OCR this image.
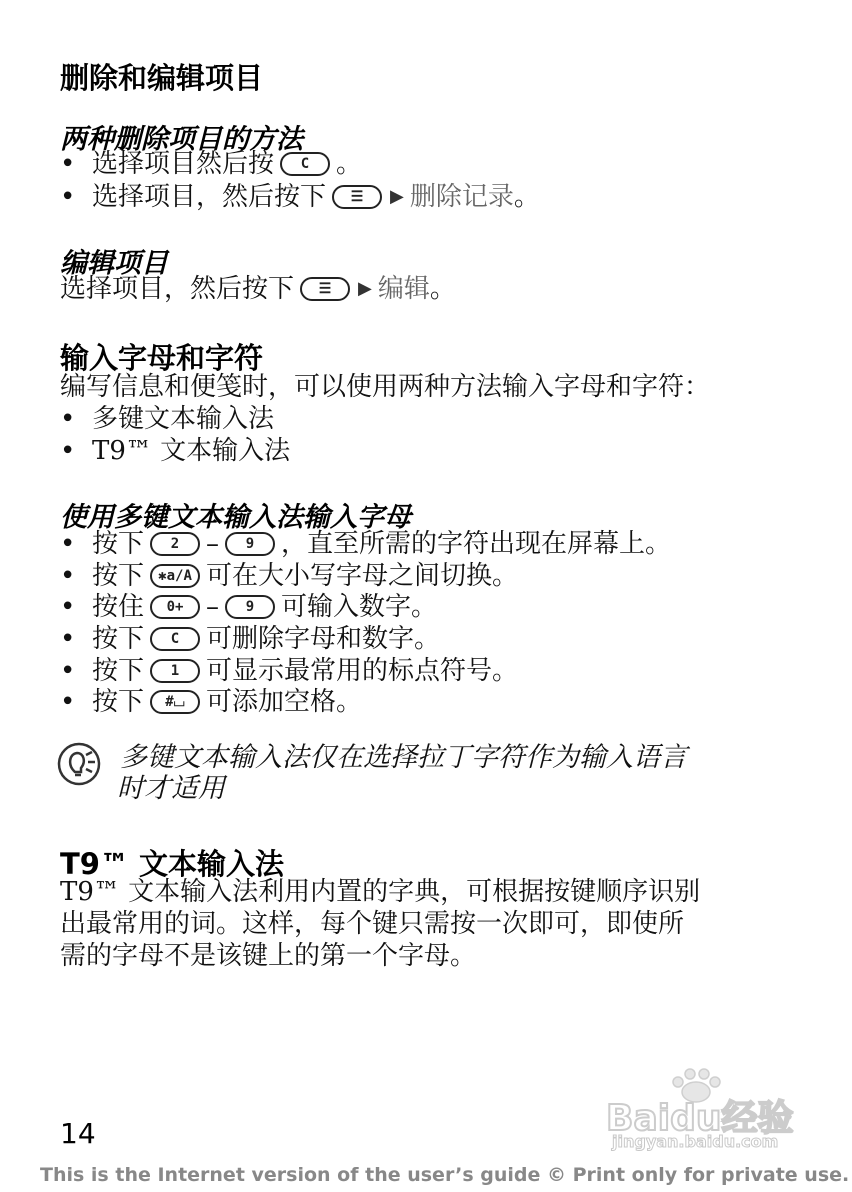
删除和编辑项目
两种删除项目的方法
• 选择项目然后按	C	。
• 选择项目，然后按下	☰	▶ 删除记录 。
编辑项目
选择项目，然后按下	☰	▶ 编辑 。
输入字母和字符
编写信息和便笺时，可以使用两种方法输入字母和字符：
• 多键文本输入法
• T9™ 文本输入法
使用多键文本输入法输入字母
• 按下	2	–	9	，直至所需的字符出现在屏幕上。
• 按下	✱a/A 可在大小写字母之间切换。
• 按住	0+ –	9	可输入数字。
• 按下	C	可删除字母和数字。
• 按下	1	可显示最常用的标点符号。
• 按下	#⌴ 可添加空格。
多键文本输入法仅在选择拉丁字符作为输入语言
时才适用
T9™ 文本输入法
T9™ 文本输入法利用内置的字典，可根据按键顺序识别
出最常用的词。这样，每个键只需按一次即可，即使所
需的字母不是该键上的第一个字母。
Baidu经验
jingyan.baidu.com
14
This is the Internet version of the user’s guide © Print only for private use.
